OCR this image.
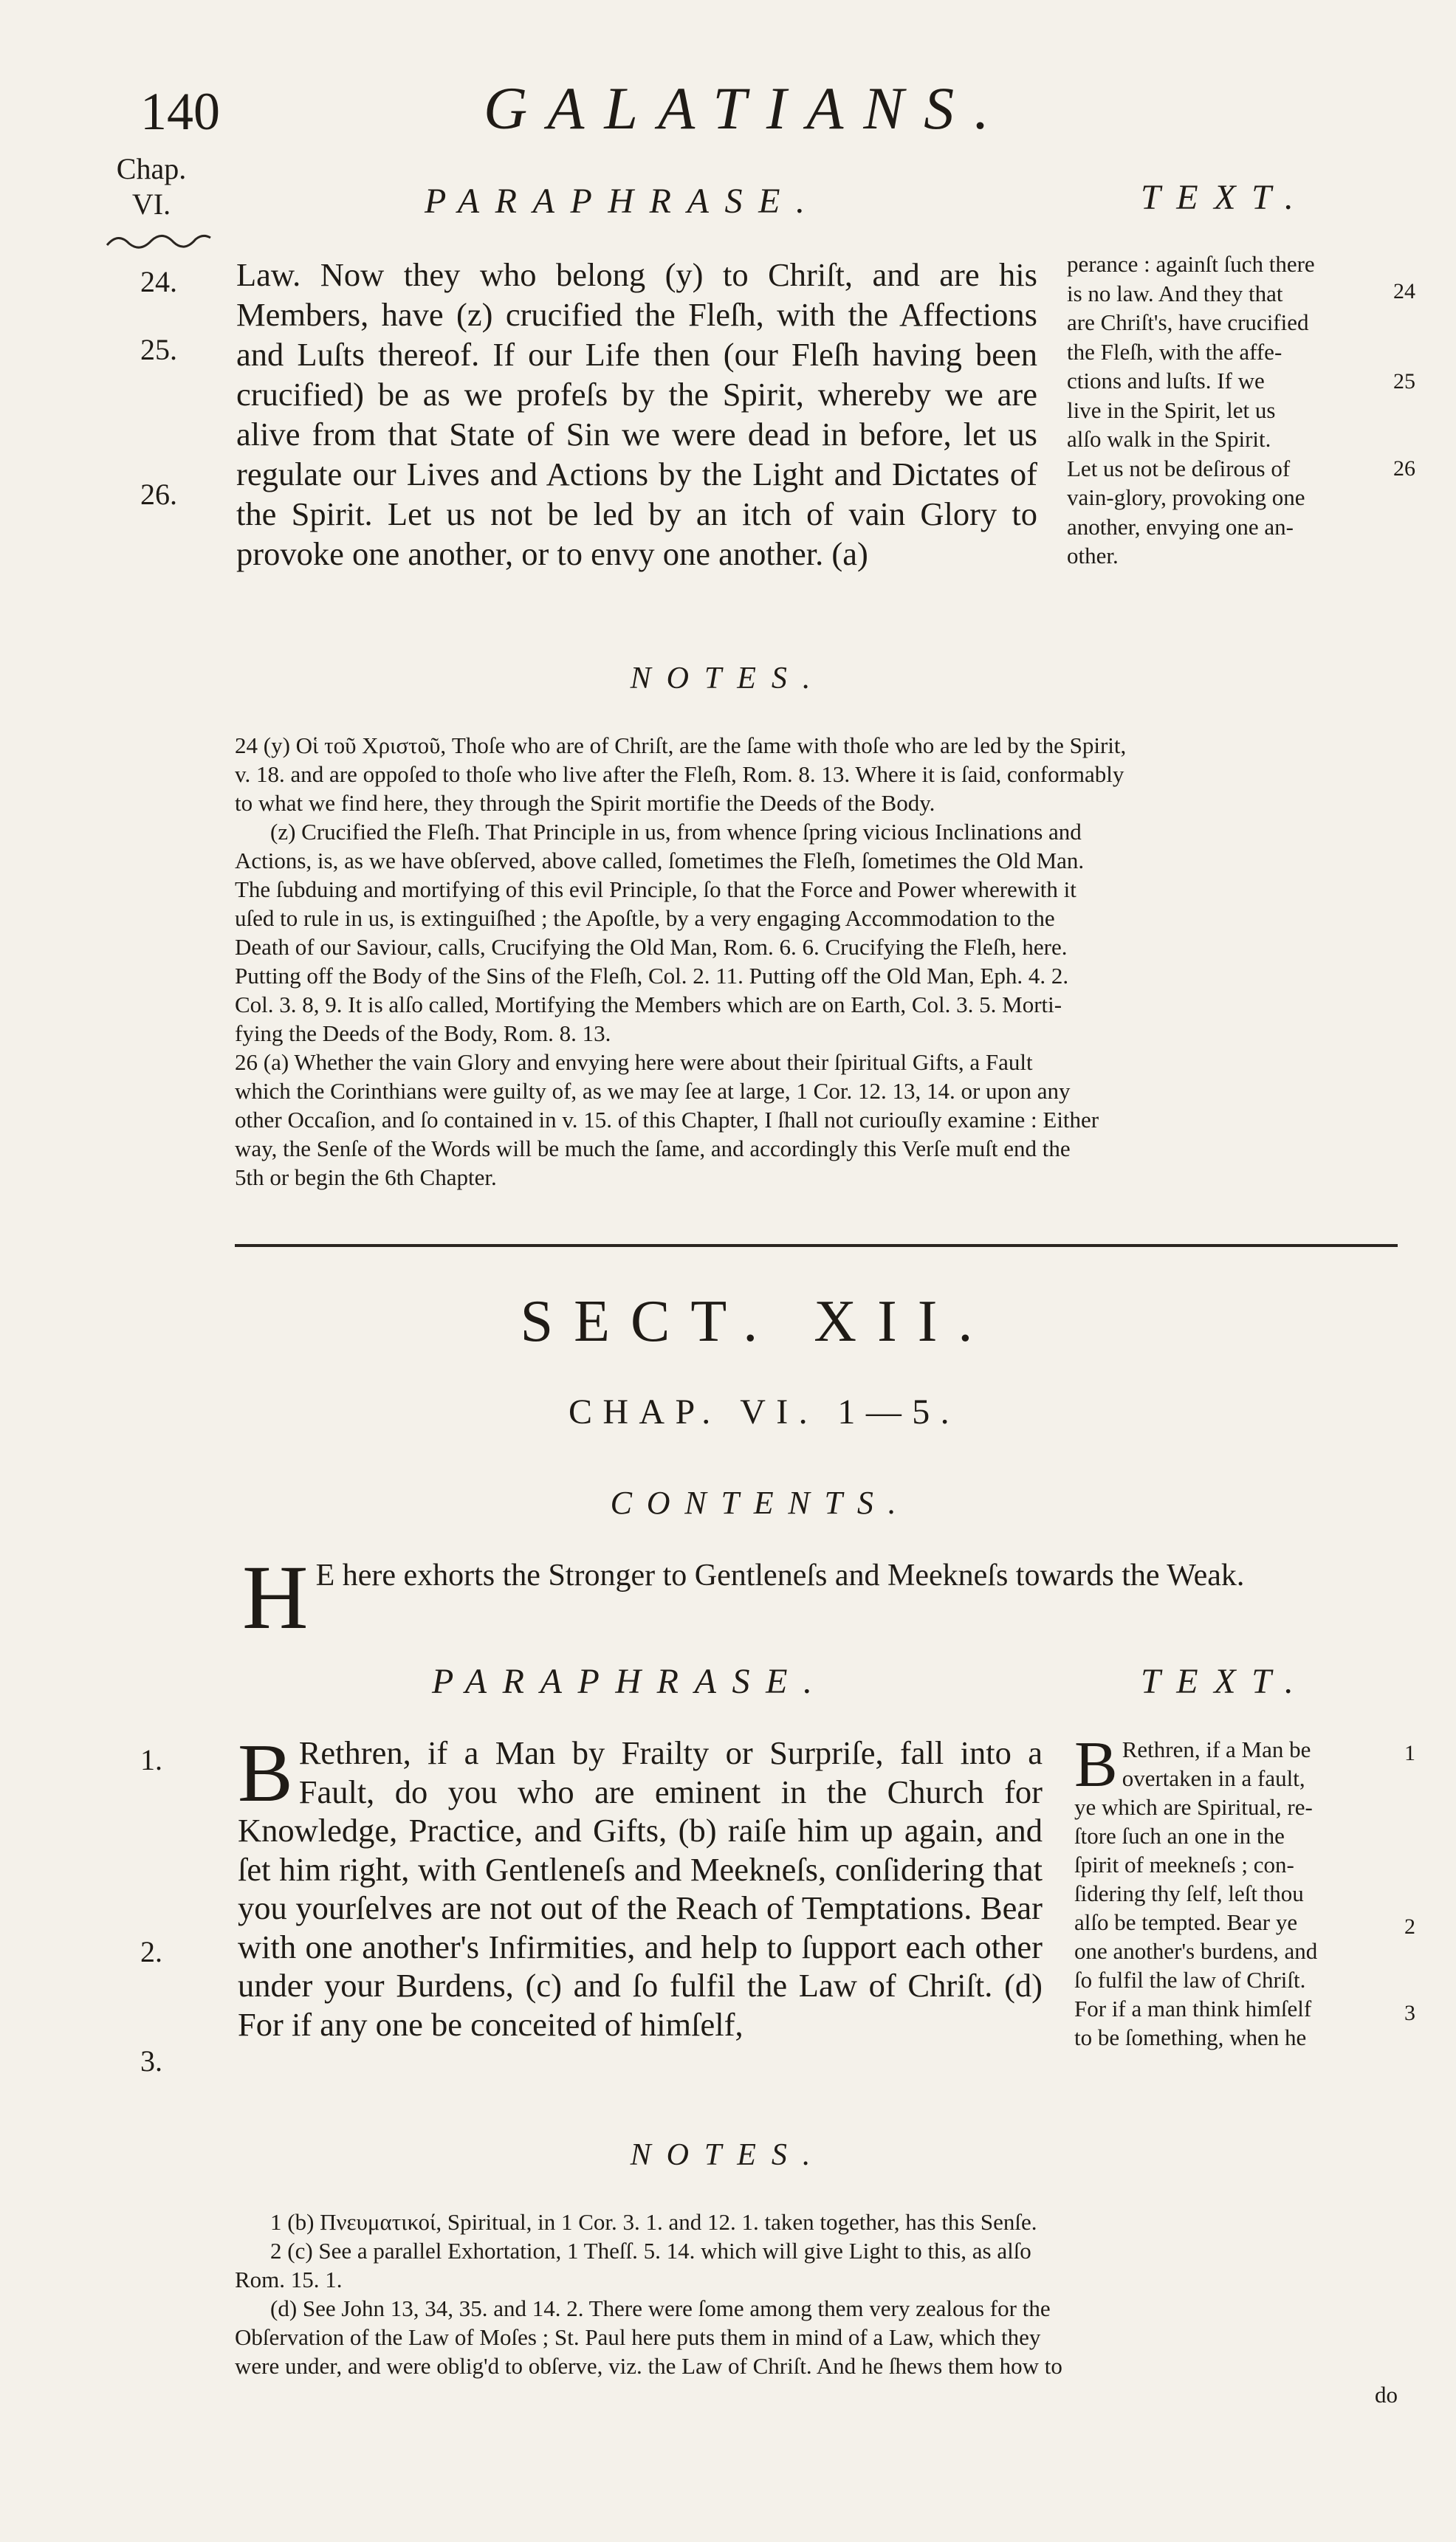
140	GALATIANS.
Chap.
VI.	PARAPHRASE.	TEXT.
24.
25.
26.

Law. Now they who belong (y) to Chriſt, and are his Members, have (z) crucified the Fleſh, with the Affections and Luſts thereof. If our Life then (our Fleſh having been crucified) be as we profeſs by the Spirit, whereby we are alive from that State of Sin we were dead in before, let us regulate our Lives and Actions by the Light and Dictates of the Spirit. Let us not be led by an itch of vain Glory to provoke one another, or to envy one another. (a)

perance : againſt ſuch there

is no law. And they that

are Chriſt's, have crucified

the Fleſh, with the affe-

ctions and luſts. If we

live in the Spirit, let us

alſo walk in the Spirit.

Let us not be deſirous of

vain-glory, provoking one

another, envying one an-

other.

24
25
26
NOTES.

24 (y) Οἱ τοῦ Χριστοῦ, Thoſe who are of Chriſt, are the ſame with thoſe who are led by the Spirit,

v. 18. and are oppoſed to thoſe who live after the Fleſh, Rom. 8. 13. Where it is ſaid, conformably

to what we find here, they through the Spirit mortifie the Deeds of the Body.

(z) Crucified the Fleſh. That Principle in us, from whence ſpring vicious Inclinations and

Actions, is, as we have obſerved, above called, ſometimes the Fleſh, ſometimes the Old Man.

The ſubduing and mortifying of this evil Principle, ſo that the Force and Power wherewith it

uſed to rule in us, is extinguiſhed ; the Apoſtle, by a very engaging Accommodation to the

Death of our Saviour, calls, Crucifying the Old Man, Rom. 6. 6. Crucifying the Fleſh, here.

Putting off the Body of the Sins of the Fleſh, Col. 2. 11. Putting off the Old Man, Eph. 4. 2.

Col. 3. 8, 9. It is alſo called, Mortifying the Members which are on Earth, Col. 3. 5. Morti-

fying the Deeds of the Body, Rom. 8. 13.

26 (a) Whether the vain Glory and envying here were about their ſpiritual Gifts, a Fault

which the Corinthians were guilty of, as we may ſee at large, 1 Cor. 12. 13, 14. or upon any

other Occaſion, and ſo contained in v. 15. of this Chapter, I ſhall not curiouſly examine : Either

way, the Senſe of the Words will be much the ſame, and accordingly this Verſe muſt end the

5th or begin the 6th Chapter.

SECT. XII.
CHAP. VI. 1—5.
CONTENTS.
H E here exhorts the Stronger to Gentleneſs and Meekneſs towards the Weak.
PARAPHRASE.	TEXT.
1.
2.
3.
B Rethren, if a Man by Frailty or Surpriſe, fall into a Fault, do you who are eminent in the Church for Knowledge, Practice, and Gifts, (b) raiſe him up again, and ſet him right, with Gentleneſs and Meekneſs, conſidering that you yourſelves are not out of the Reach of Temptations. Bear with one another's Infirmities, and help to ſupport each other under your Burdens, (c) and ſo fulfil the Law of Chriſt. (d) For if any one be conceited of himſelf,
B Rethren, if a Man be
overtaken in a fault,
ye which are Spiritual, re-
ſtore ſuch an one in the
ſpirit of meekneſs ; con-
ſidering thy ſelf, leſt thou
alſo be tempted. Bear ye
one another's burdens, and
ſo fulfil the law of Chriſt.
For if a man think himſelf
to be ſomething, when he
1
2
3
NOTES.

1 (b) Πνευματικοί, Spiritual, in 1 Cor. 3. 1. and 12. 1. taken together, has this Senſe.

2 (c) See a parallel Exhortation, 1 Theſſ. 5. 14. which will give Light to this, as alſo

Rom. 15. 1.

(d) See John 13, 34, 35. and 14. 2. There were ſome among them very zealous for the

Obſervation of the Law of Moſes ; St. Paul here puts them in mind of a Law, which they

were under, and were oblig'd to obſerve, viz. the Law of Chriſt. And he ſhews them how to

do
